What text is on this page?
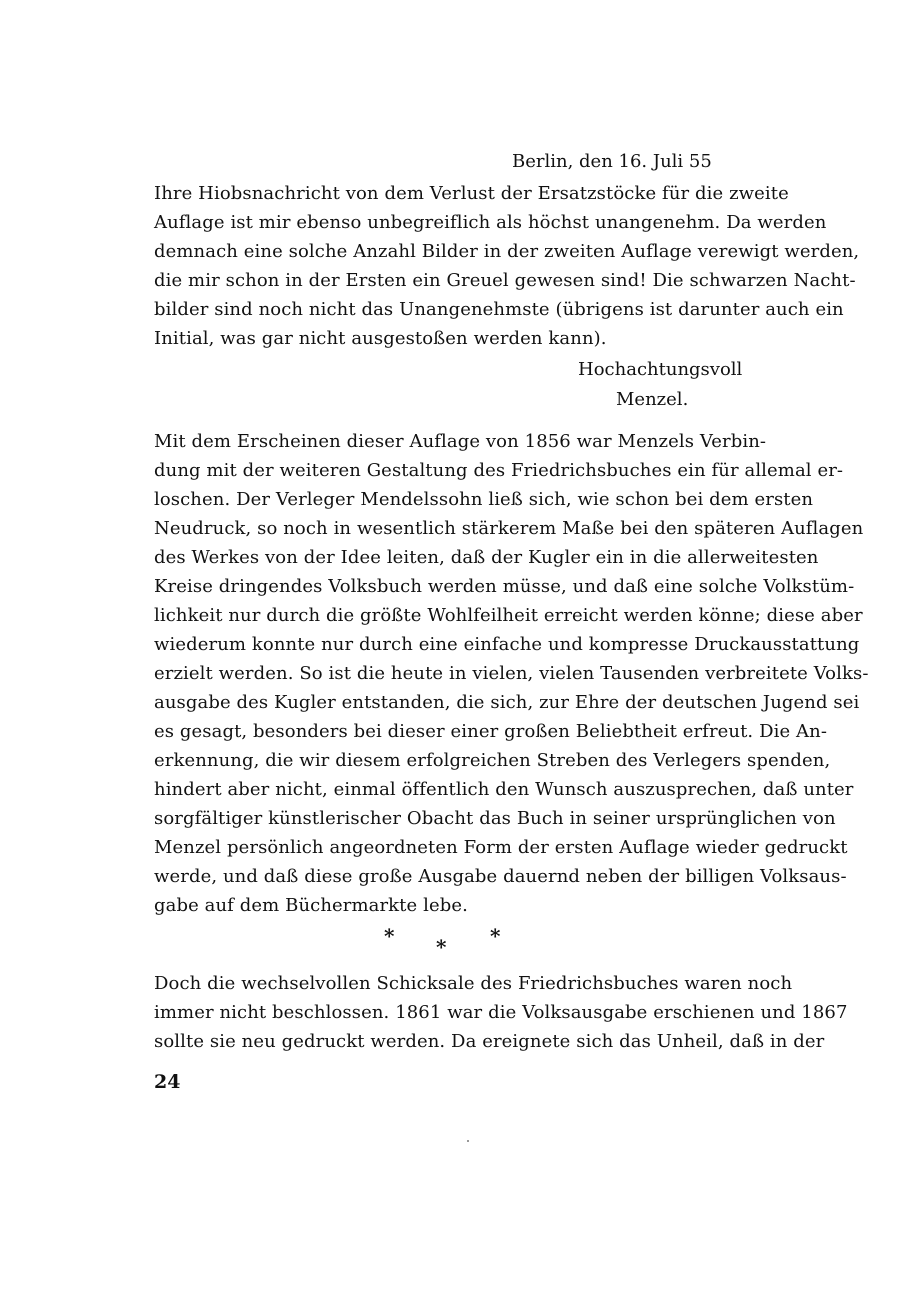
Berlin, den 16. Juli 55
Ihre Hiobsnachricht von dem Verlust der Ersatzstöcke für die zweite
Auflage ist mir ebenso unbegreiflich als höchst unangenehm. Da werden
demnach eine solche Anzahl Bilder in der zweiten Auflage verewigt werden,
die mir schon in der Ersten ein Greuel gewesen sind! Die schwarzen Nacht-
bilder sind noch nicht das Unangenehmste (übrigens ist darunter auch ein
Initial, was gar nicht ausgestoßen werden kann).
Hochachtungsvoll
Menzel.
Mit dem Erscheinen dieser Auflage von 1856 war Menzels Verbin-
dung mit der weiteren Gestaltung des Friedrichsbuches ein für allemal er-
loschen. Der Verleger Mendelssohn ließ sich, wie schon bei dem ersten
Neudruck, so noch in wesentlich stärkerem Maße bei den späteren Auflagen
des Werkes von der Idee leiten, daß der Kugler ein in die allerweitesten
Kreise dringendes Volksbuch werden müsse, und daß eine solche Volkstüm-
lichkeit nur durch die größte Wohlfeilheit erreicht werden könne; diese aber
wiederum konnte nur durch eine einfache und kompresse Druckausstattung
erzielt werden. So ist die heute in vielen, vielen Tausenden verbreitete Volks-
ausgabe des Kugler entstanden, die sich, zur Ehre der deutschen Jugend sei
es gesagt, besonders bei dieser einer großen Beliebtheit erfreut. Die An-
erkennung, die wir diesem erfolgreichen Streben des Verlegers spenden,
hindert aber nicht, einmal öffentlich den Wunsch auszusprechen, daß unter
sorgfältiger künstlerischer Obacht das Buch in seiner ursprünglichen von
Menzel persönlich angeordneten Form der ersten Auflage wieder gedruckt
werde, und daß diese große Ausgabe dauernd neben der billigen Volksaus-
gabe auf dem Büchermarkte lebe.
* * *
Doch die wechselvollen Schicksale des Friedrichsbuches waren noch
immer nicht beschlossen. 1861 war die Volksausgabe erschienen und 1867
sollte sie neu gedruckt werden. Da ereignete sich das Unheil, daß in der
24
